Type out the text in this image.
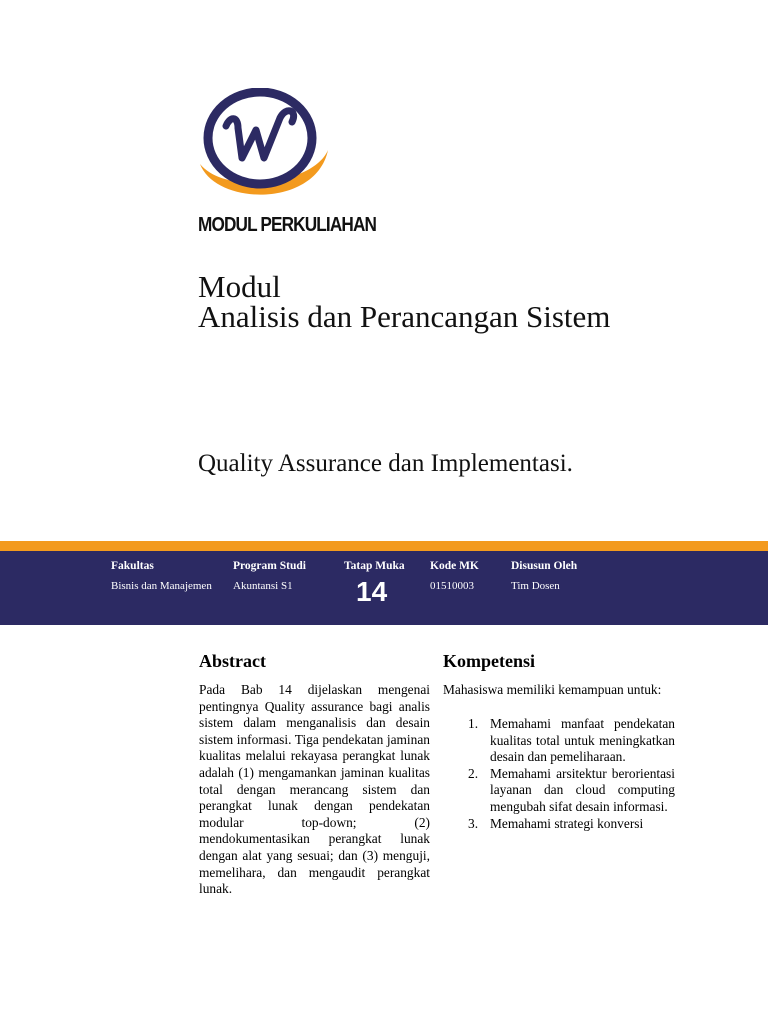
MODUL PERKULIAHAN
Modul
Analisis dan Perancangan Sistem
Quality Assurance dan Implementasi.
Fakultas
Bisnis dan Manajemen
Program Studi
Akuntansi S1
Tatap Muka
14
Kode MK
01510003
Disusun Oleh
Tim Dosen
Abstract
Pada Bab 14 dijelaskan mengenai pentingnya Quality assurance bagi analis sistem dalam menganalisis dan desain sistem informasi. Tiga pendekatan jaminan kualitas melalui rekayasa perangkat lunak adalah (1) mengamankan jaminan kualitas total dengan merancang sistem dan perangkat lunak dengan pendekatan modular top-down; (2) mendokumentasikan perangkat lunak dengan alat yang sesuai; dan (3) menguji, memelihara, dan mengaudit perangkat lunak.
Kompetensi
Mahasiswa memiliki kemampuan untuk:
1. Memahami manfaat pendekatan kualitas total untuk meningkatkan desain dan pemeliharaan.
2. Memahami arsitektur berorientasi layanan dan cloud computing mengubah sifat desain informasi.
3. Memahami strategi konversi
